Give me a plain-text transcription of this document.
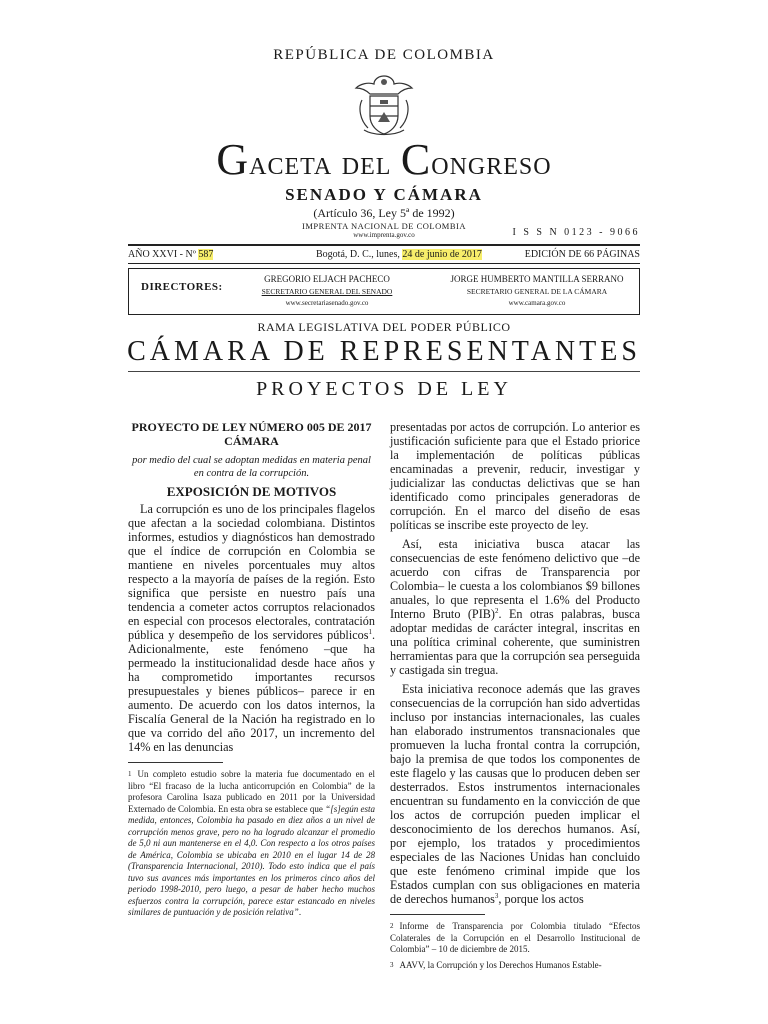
REPÚBLICA DE COLOMBIA
Gaceta del Congreso
SENADO Y CÁMARA
(Artículo 36, Ley 5ª de 1992)
IMPRENTA NACIONAL DE COLOMBIA
www.imprenta.gov.co	I S S N 0123 - 9066
AÑO XXVI - Nº 587	Bogotá, D. C., lunes, 24 de junio de 2017	EDICIÓN DE 66 PÁGINAS
DIRECTORES:
GREGORIO ELJACH PACHECO
SECRETARIO GENERAL DEL SENADO
www.secretariasenado.gov.co
JORGE HUMBERTO MANTILLA SERRANO
SECRETARIO GENERAL DE LA CÁMARA
www.camara.gov.co
RAMA LEGISLATIVA DEL PODER PÚBLICO
CÁMARA DE REPRESENTANTES
PROYECTOS DE LEY
PROYECTO DE LEY NÚMERO 005 DE 2017 CÁMARA
por medio del cual se adoptan medidas en materia penal en contra de la corrupción.
EXPOSICIÓN DE MOTIVOS

La corrupción es uno de los principales flagelos que afectan a la sociedad colombiana. Distintos informes, estudios y diagnósticos han demostrado que el índice de corrupción en Colombia se mantiene en niveles porcentuales muy altos respecto a la mayoría de países de la región. Esto significa que persiste en nuestro país una tendencia a cometer actos corruptos relacionados en especial con procesos electorales, contratación pública y desempeño de los servidores públicos$^1$. Adicionalmente, este fenómeno –que ha permeado la institucionalidad desde hace años y ha comprometido importantes recursos presupuestales y bienes públicos– parece ir en aumento. De acuerdo con los datos internos, la Fiscalía General de la Nación ha registrado en lo que va corrido del año 2017, un incremento del 14% en las denuncias

$^1$ Un completo estudio sobre la materia fue documentado en el libro “El fracaso de la lucha anticorrupción en Colombia” de la profesora Carolina Isaza publicado en 2011 por la Universidad Externado de Colombia. En esta obra se establece que “[s]egún esta medida, entonces, Colombia ha pasado en diez años a un nivel de corrupción menos grave, pero no ha logrado alcanzar el promedio de 5,0 ni aun mantenerse en el 4,0. Con respecto a los otros países de América, Colombia se ubicaba en 2010 en el lugar 14 de 28 (Transparencia Internacional, 2010). Todo esto indica que el país tuvo sus avances más importantes en los primeros cinco años del periodo 1998-2010, pero luego, a pesar de haber hecho muchos esfuerzos contra la corrupción, parece estar estancado en niveles similares de puntuación y de posición relativa”.

presentadas por actos de corrupción. Lo anterior es justificación suficiente para que el Estado priorice la implementación de políticas públicas encaminadas a prevenir, reducir, investigar y judicializar las conductas delictivas que se han identificado como principales generadoras de corrupción. En el marco del diseño de esas políticas se inscribe este proyecto de ley.

Así, esta iniciativa busca atacar las consecuencias de este fenómeno delictivo que –de acuerdo con cifras de Transparencia por Colombia– le cuesta a los colombianos $9 billones anuales, lo que representa el 1.6% del Producto Interno Bruto (PIB)$^2$. En otras palabras, busca adoptar medidas de carácter integral, inscritas en una política criminal coherente, que suministren herramientas para que la corrupción sea perseguida y castigada sin tregua.

Esta iniciativa reconoce además que las graves consecuencias de la corrupción han sido advertidas incluso por instancias internacionales, las cuales han elaborado instrumentos transnacionales que promueven la lucha frontal contra la corrupción, bajo la premisa de que todos los componentes de este flagelo y las causas que lo producen deben ser desterrados. Estos instrumentos internacionales encuentran su fundamento en la convicción de que los actos de corrupción pueden implicar el desconocimiento de los derechos humanos. Así, por ejemplo, los tratados y procedimientos especiales de las Naciones Unidas han concluido que este fenómeno criminal impide que los Estados cumplan con sus obligaciones en materia de derechos humanos$^3$, porque los actos

$^2$ Informe de Transparencia por Colombia titulado “Efectos Colaterales de la Corrupción en el Desarrollo Institucional de Colombia” – 10 de diciembre de 2015.
$^3$ AAVV, la Corrupción y los Derechos Humanos Estable-
